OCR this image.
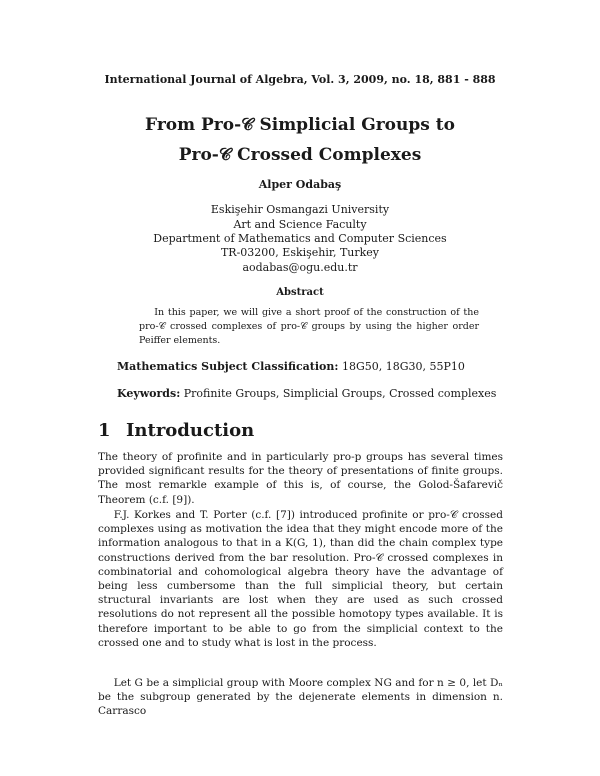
International Journal of Algebra, Vol. 3, 2009, no. 18, 881 - 888

From Pro-𝒞 Simplicial Groups to

Pro-𝒞 Crossed Complexes

Alper Odabaş

Eskişehir Osmangazi University

Art and Science Faculty

Department of Mathematics and Computer Sciences

TR-03200, Eskişehir, Turkey

aodabas@ogu.edu.tr

Abstract

In this paper, we will give a short proof of the construction of the pro-𝒞 crossed complexes of pro-𝒞 groups by using the higher order Peiffer elements.

Mathematics Subject Classification: 18G50, 18G30, 55P10

Keywords: Profinite Groups, Simplicial Groups, Crossed complexes

1 Introduction

The theory of profinite and in particularly pro-p groups has several times provided significant results for the theory of presentations of finite groups. The most remarkle example of this is, of course, the Golod-Šafarevič Theorem (c.f. [9]).

F.J. Korkes and T. Porter (c.f. [7]) introduced profinite or pro-𝒞 crossed complexes using as motivation the idea that they might encode more of the information analogous to that in a K(G, 1), than did the chain complex type constructions derived from the bar resolution. Pro-𝒞 crossed complexes in combinatorial and cohomological algebra theory have the advantage of being less cumbersome than the full simplicial theory, but certain structural invariants are lost when they are used as such crossed resolutions do not represent all the possible homotopy types available. It is therefore important to be able to go from the simplicial context to the crossed one and to study what is lost in the process.

Let G be a simplicial group with Moore complex NG and for n ≥ 0, let Dₙ be the subgroup generated by the dejenerate elements in dimension n. Carrasco
